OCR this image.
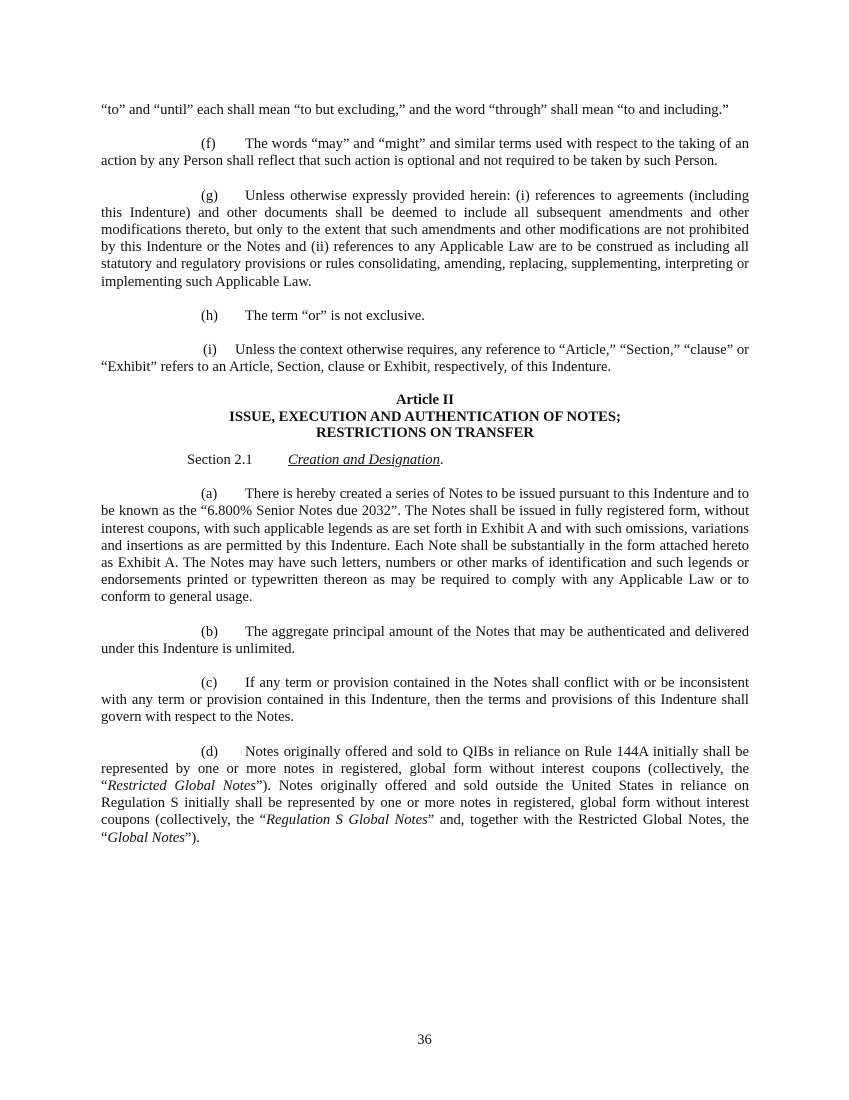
“to” and “until” each shall mean “to but excluding,” and the word “through” shall mean “to and including.”

(f) The words “may” and “might” and similar terms used with respect to the taking of an action by any Person shall reflect that such action is optional and not required to be taken by such Person.

(g) Unless otherwise expressly provided herein: (i) references to agreements (including this Indenture) and other documents shall be deemed to include all subsequent amendments and other modifications thereto, but only to the extent that such amendments and other modifications are not prohibited by this Indenture or the Notes and (ii) references to any Applicable Law are to be construed as including all statutory and regulatory provisions or rules consolidating, amending, replacing, supplementing, interpreting or implementing such Applicable Law.

(h) The term “or” is not exclusive.

(i) Unless the context otherwise requires, any reference to “Article,” “Section,” “clause” or “Exhibit” refers to an Article, Section, clause or Exhibit, respectively, of this Indenture.

Article II
ISSUE, EXECUTION AND AUTHENTICATION OF NOTES;
RESTRICTIONS ON TRANSFER

Section 2.1 Creation and Designation.

(a) There is hereby created a series of Notes to be issued pursuant to this Indenture and to be known as the “6.800% Senior Notes due 2032”. The Notes shall be issued in fully registered form, without interest coupons, with such applicable legends as are set forth in Exhibit A and with such omissions, variations and insertions as are permitted by this Indenture. Each Note shall be substantially in the form attached hereto as Exhibit A. The Notes may have such letters, numbers or other marks of identification and such legends or endorsements printed or typewritten thereon as may be required to comply with any Applicable Law or to conform to general usage.

(b) The aggregate principal amount of the Notes that may be authenticated and delivered under this Indenture is unlimited.

(c) If any term or provision contained in the Notes shall conflict with or be inconsistent with any term or provision contained in this Indenture, then the terms and provisions of this Indenture shall govern with respect to the Notes.

(d) Notes originally offered and sold to QIBs in reliance on Rule 144A initially shall be represented by one or more notes in registered, global form without interest coupons (collectively, the “Restricted Global Notes”). Notes originally offered and sold outside the United States in reliance on Regulation S initially shall be represented by one or more notes in registered, global form without interest coupons (collectively, the “Regulation S Global Notes” and, together with the Restricted Global Notes, the “Global Notes”).

36
